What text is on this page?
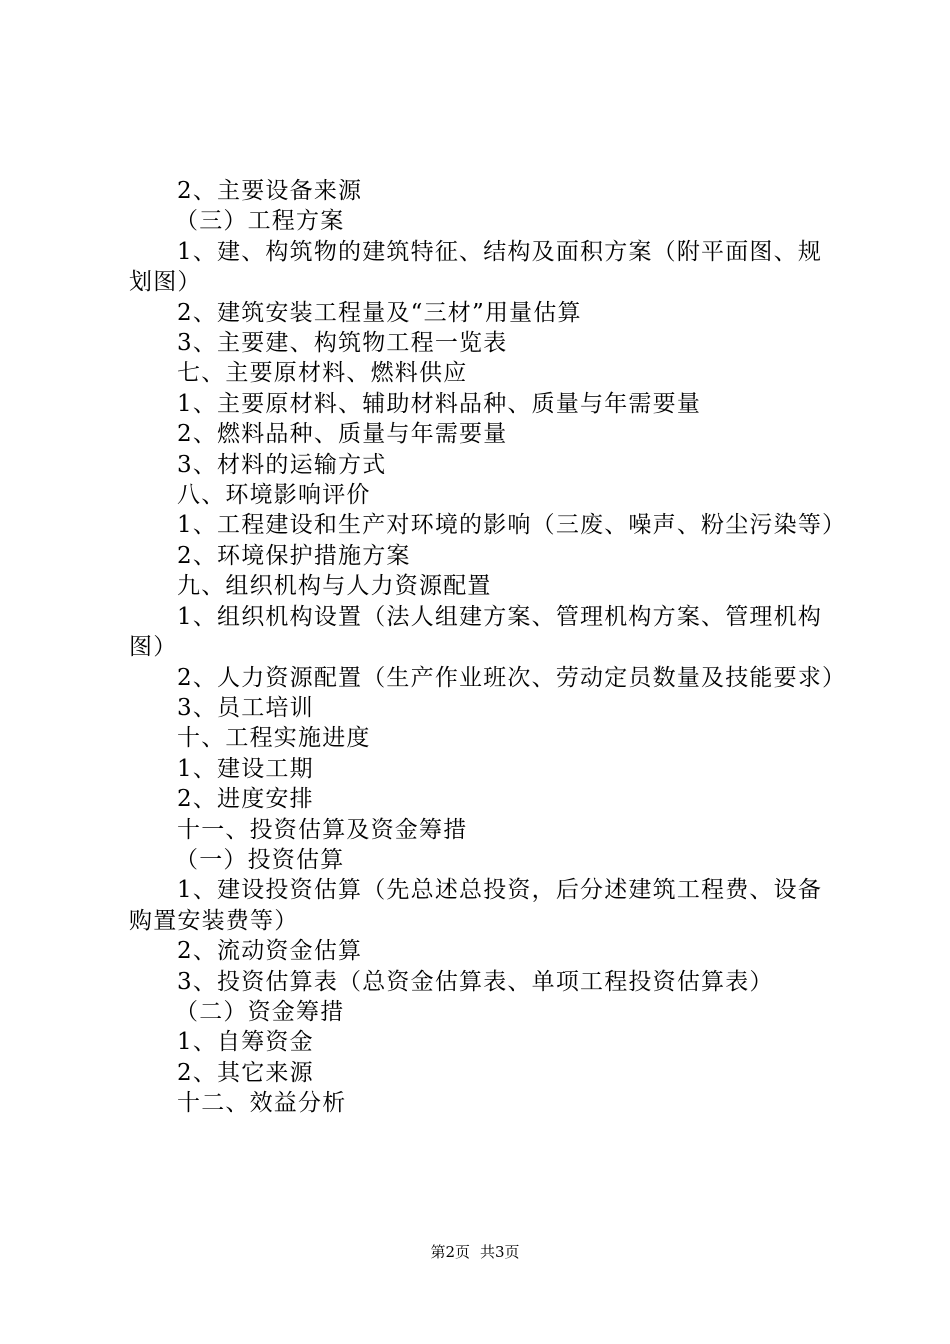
2、主要设备来源

（三）工程方案

1、建、构筑物的建筑特征、结构及面积方案（附平面图、规划图）

2、建筑安装工程量及“三材”用量估算

3、主要建、构筑物工程一览表

七、主要原材料、燃料供应

1、主要原材料、辅助材料品种、质量与年需要量

2、燃料品种、质量与年需要量

3、材料的运输方式

八、环境影响评价

1、工程建设和生产对环境的影响（三废、噪声、粉尘污染等）

2、环境保护措施方案

九、组织机构与人力资源配置

1、组织机构设置（法人组建方案、管理机构方案、管理机构图）

2、人力资源配置（生产作业班次、劳动定员数量及技能要求）

3、员工培训

十、工程实施进度

1、建设工期

2、进度安排

十一、投资估算及资金筹措

（一）投资估算

1、建设投资估算（先总述总投资，后分述建筑工程费、设备购置安装费等）

2、流动资金估算

3、投资估算表（总资金估算表、单项工程投资估算表）

（二）资金筹措

1、自筹资金

2、其它来源

十二、效益分析

第2页 共3页
